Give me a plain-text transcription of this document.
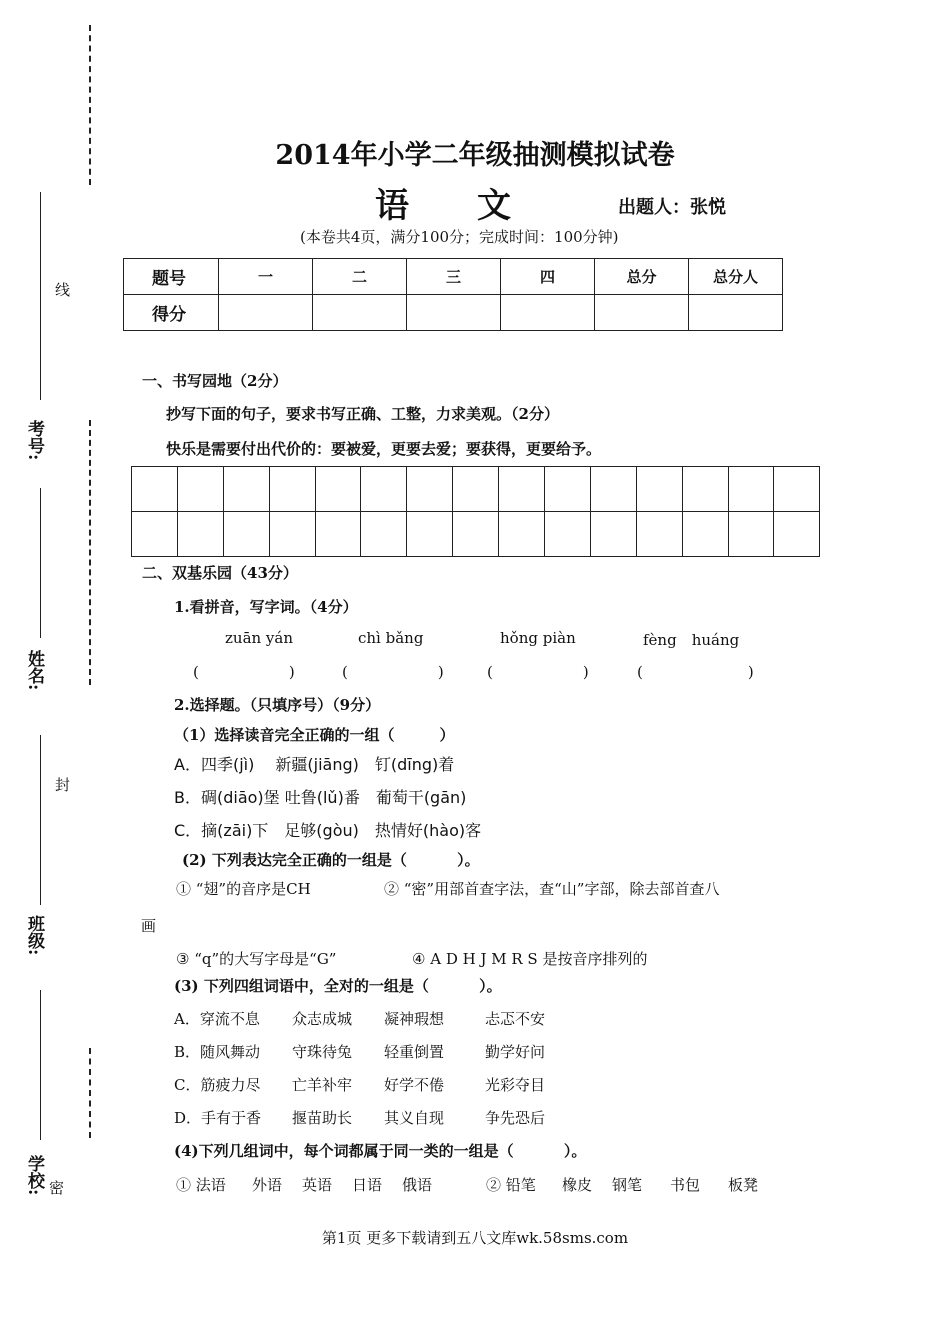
线
考号:
姓名:
封
班级:
学校: 密
2014年小学二年级抽测模拟试卷
语　　文	出题人：张悦
(本卷共4页，满分100分；完成时间：100分钟)
题号	一	二	三	四	总分	总分人
得分						
一、书写园地（2分）
抄写下面的句子，要求书写正确、工整，力求美观。（2分）
快乐是需要付出代价的：要被爱，更要去爱；要获得，更要给予。

二、双基乐园（43分）
1.看拼音，写字词。（4分）
zuān yán	chì bǎng	hǒng piàn	fèng　huáng
(　　　　　　)	(　　　　　　)	(　　　　　　)	(　　　　　　　)
2.选择题。（只填序号）（9分）
（1）选择读音完全正确的一组（　　　）
A．四季(jì)　 新疆(jiāng)　钉(dīng)着
B．碉(diāo)堡 吐鲁(lǔ)番　葡萄干(gān)
C．摘(zāi)下　足够(gòu)　热情好(hào)客
(2) 下列表达完全正确的一组是（　　　 ）。
① “翅”的音序是CH	② “密”用部首查字法，查“山”字部，除去部首查八
画
③ “q”的大写字母是“G”	④ A D H J M R S 是按音序排列的
(3) 下列四组词语中，全对的一组是（　　　 ）。
A．穿流不息 众志成城 凝神瑕想	忐忑不安
B．随风舞动 守珠待兔 轻重倒置	勤学好问
C．筋疲力尽 亡羊补牢 好学不倦	光彩夺目
D．手有于香 揠苗助长 其义自现	争先恐后
(4)下列几组词中，每个词都属于同一类的一组是（　　　 ）。
① 法语 外语 英语 日语 俄语	② 铅笔 橡皮 钢笔 书包 板凳
第1页 更多下载请到五八文库wk.58sms.com
